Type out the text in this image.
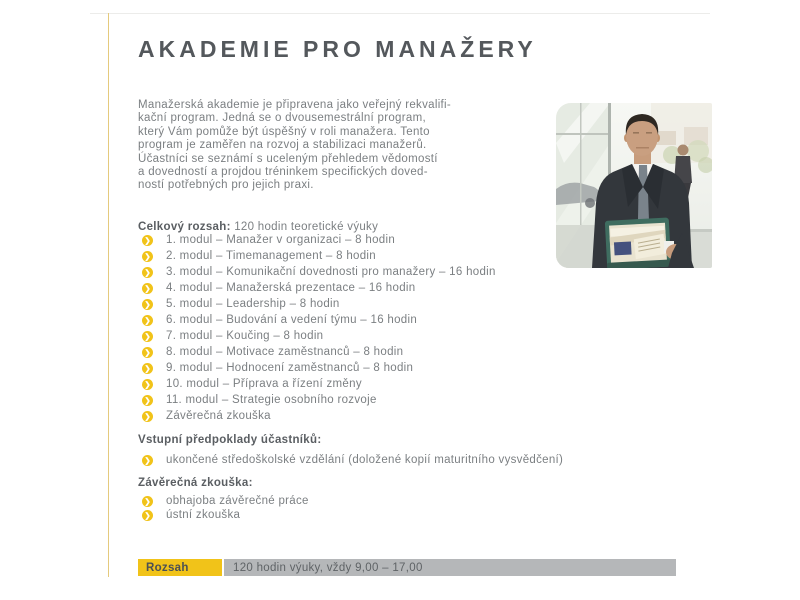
AKADEMIE PRO MANAŽERY
Manažerská akademie je připravena jako veřejný rekvalifi-
kační program. Jedná se o dvousemestrální program,
který Vám pomůže být úspěšný v roli manažera. Tento
program je zaměřen na rozvoj a stabilizaci manažerů.
Účastníci se seznámí s uceleným přehledem vědomostí
a dovedností a projdou tréninkem specifických doved-
ností potřebných pro jejich praxi.
Celkový rozsah: 120 hodin teoretické výuky
❯ 1. modul – Manažer v organizaci – 8 hodin
❯ 2. modul – Timemanagement – 8 hodin
❯ 3. modul – Komunikační dovednosti pro manažery – 16 hodin
❯ 4. modul – Manažerská prezentace – 16 hodin
❯ 5. modul – Leadership – 8 hodin
❯ 6. modul – Budování a vedení týmu – 16 hodin
❯ 7. modul – Koučing – 8 hodin
❯ 8. modul – Motivace zaměstnanců – 8 hodin
❯ 9. modul – Hodnocení zaměstnanců – 8 hodin
❯ 10. modul – Příprava a řízení změny
❯ 11. modul – Strategie osobního rozvoje
❯ Závěrečná zkouška
Vstupní předpoklady účastníků:
❯ ukončené středoškolské vzdělání (doložené kopií maturitního vysvědčení)
Závěrečná zkouška:
❯ obhajoba závěrečné práce
❯ ústní zkouška
Rozsah	120 hodin výuky, vždy 9,00 – 17,00
